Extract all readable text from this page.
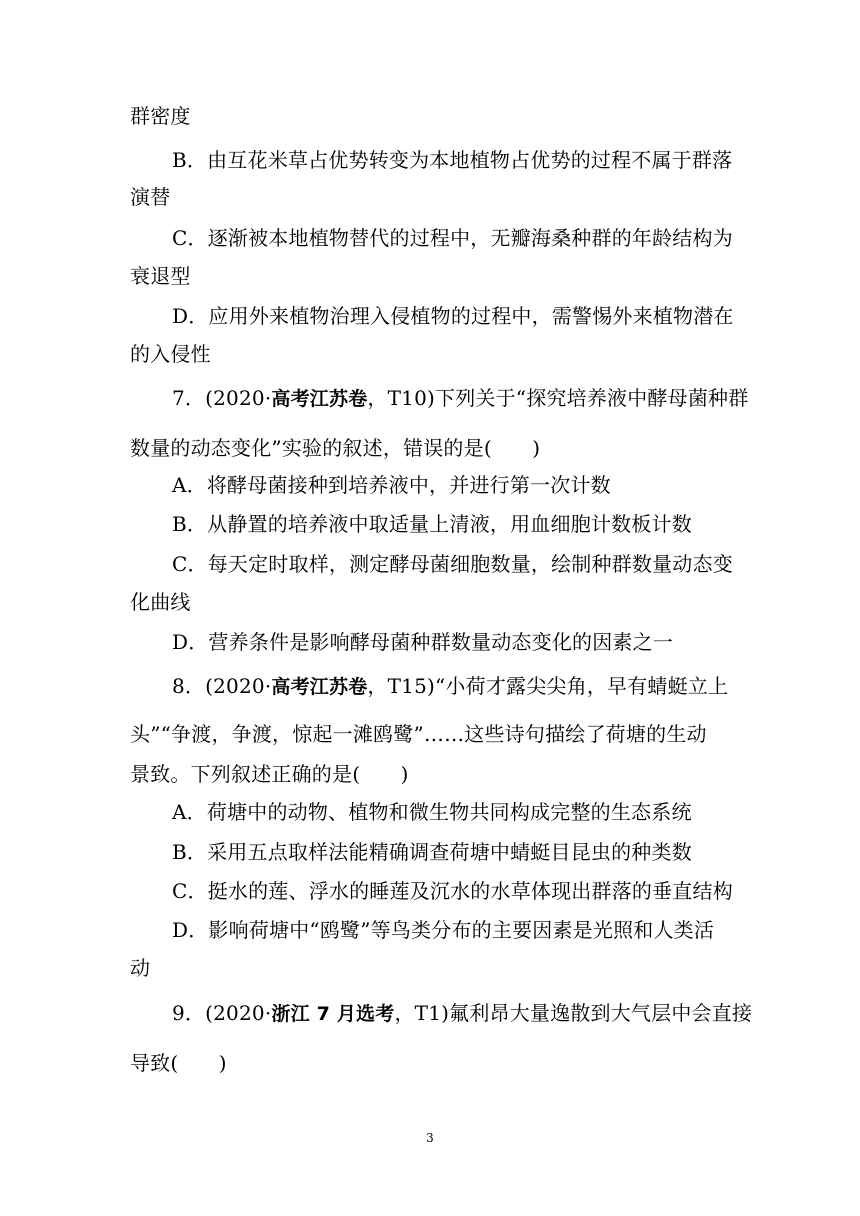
群密度
B．由互花米草占优势转变为本地植物占优势的过程不属于群落
演替
C．逐渐被本地植物替代的过程中，无瓣海桑种群的年龄结构为
衰退型
D．应用外来植物治理入侵植物的过程中，需警惕外来植物潜在
的入侵性
7．(2020·高考江苏卷，T10)下列关于“探究培养液中酵母菌种群
数量的动态变化”实验的叙述，错误的是(　　)
A．将酵母菌接种到培养液中，并进行第一次计数
B．从静置的培养液中取适量上清液，用血细胞计数板计数
C．每天定时取样，测定酵母菌细胞数量，绘制种群数量动态变
化曲线
D．营养条件是影响酵母菌种群数量动态变化的因素之一
8．(2020·高考江苏卷，T15)“小荷才露尖尖角，早有蜻蜓立上
头”“争渡，争渡，惊起一滩鸥鹭”……这些诗句描绘了荷塘的生动
景致。下列叙述正确的是(　　)
A．荷塘中的动物、植物和微生物共同构成完整的生态系统
B．采用五点取样法能精确调查荷塘中蜻蜓目昆虫的种类数
C．挺水的莲、浮水的睡莲及沉水的水草体现出群落的垂直结构
D．影响荷塘中“鸥鹭”等鸟类分布的主要因素是光照和人类活
动
9．(2020·浙江 7 月选考，T1)氟利昂大量逸散到大气层中会直接
导致(　　)
3
